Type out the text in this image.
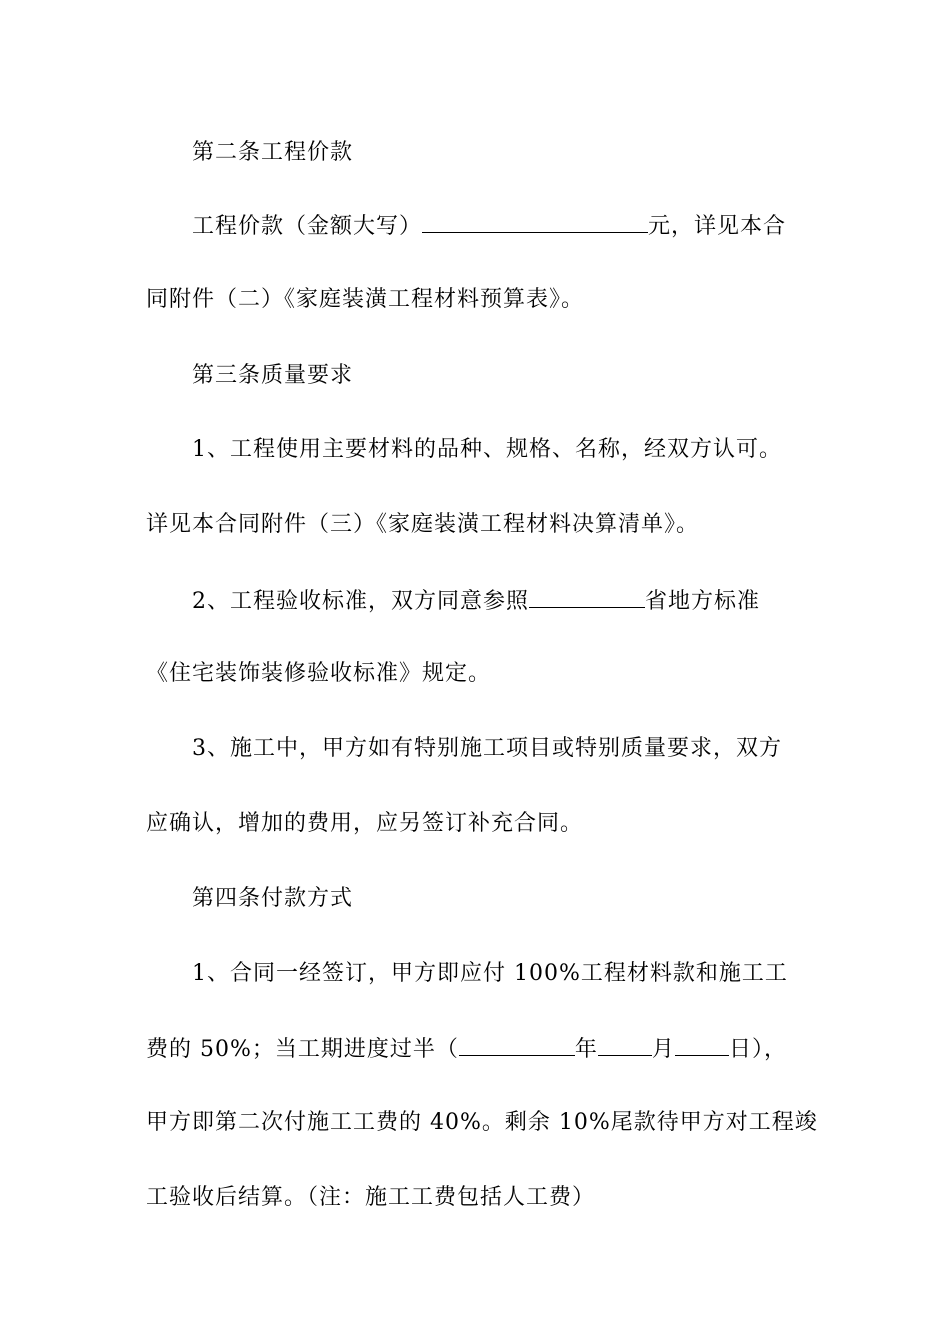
第二条工程价款
工程价款（金额大写）	元，详见本合
同附件（二）《家庭装潢工程材料预算表》。
第三条质量要求
1、工程使用主要材料的品种、规格、名称，经双方认可。
详见本合同附件（三）《家庭装潢工程材料决算清单》。
2、工程验收标准，双方同意参照	省地方标准
《住宅装饰装修验收标准》规定。
3、施工中，甲方如有特别施工项目或特别质量要求，双方
应确认，增加的费用，应另签订补充合同。
第四条付款方式
1、合同一经签订，甲方即应付 100%工程材料款和施工工
费的 50%；当工期进度过半（	年 月 日），
甲方即第二次付施工工费的 40%。剩余 10%尾款待甲方对工程竣
工验收后结算。（注：施工工费包括人工费）
